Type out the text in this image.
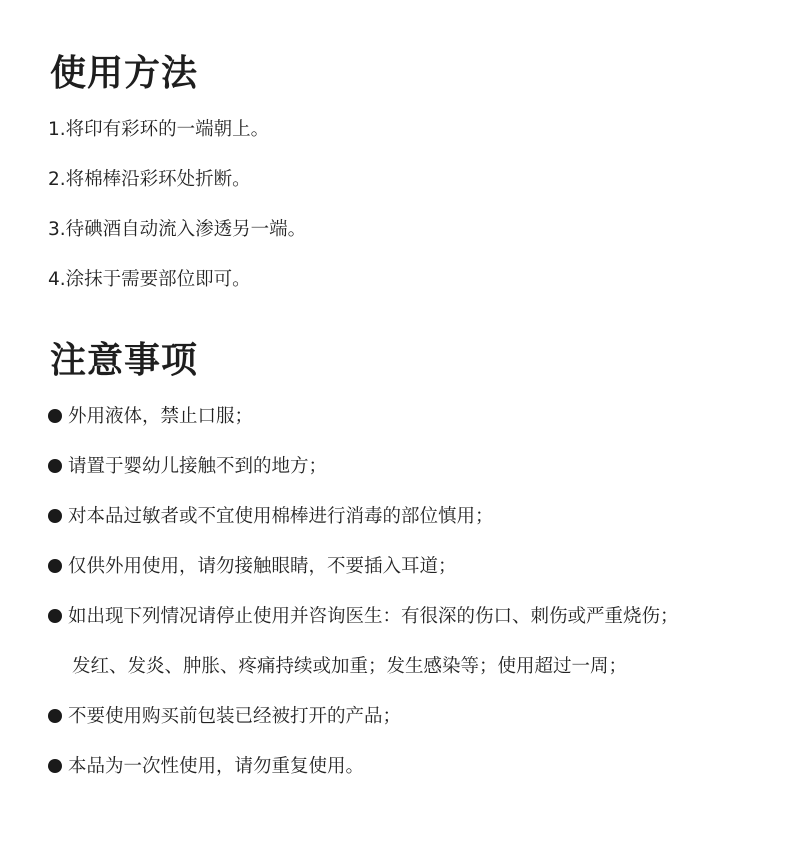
使用方法

1.将印有彩环的一端朝上。

2.将棉棒沿彩环处折断。

3.待碘酒自动流入渗透另一端。

4.涂抹于需要部位即可。

注意事项

外用液体，禁止口服；

请置于婴幼儿接触不到的地方；

对本品过敏者或不宜使用棉棒进行消毒的部位慎用；

仅供外用使用，请勿接触眼睛，不要插入耳道；

如出现下列情况请停止使用并咨询医生：有很深的伤口、刺伤或严重烧伤；

发红、发炎、肿胀、疼痛持续或加重；发生感染等；使用超过一周；

不要使用购买前包装已经被打开的产品；

本品为一次性使用，请勿重复使用。
